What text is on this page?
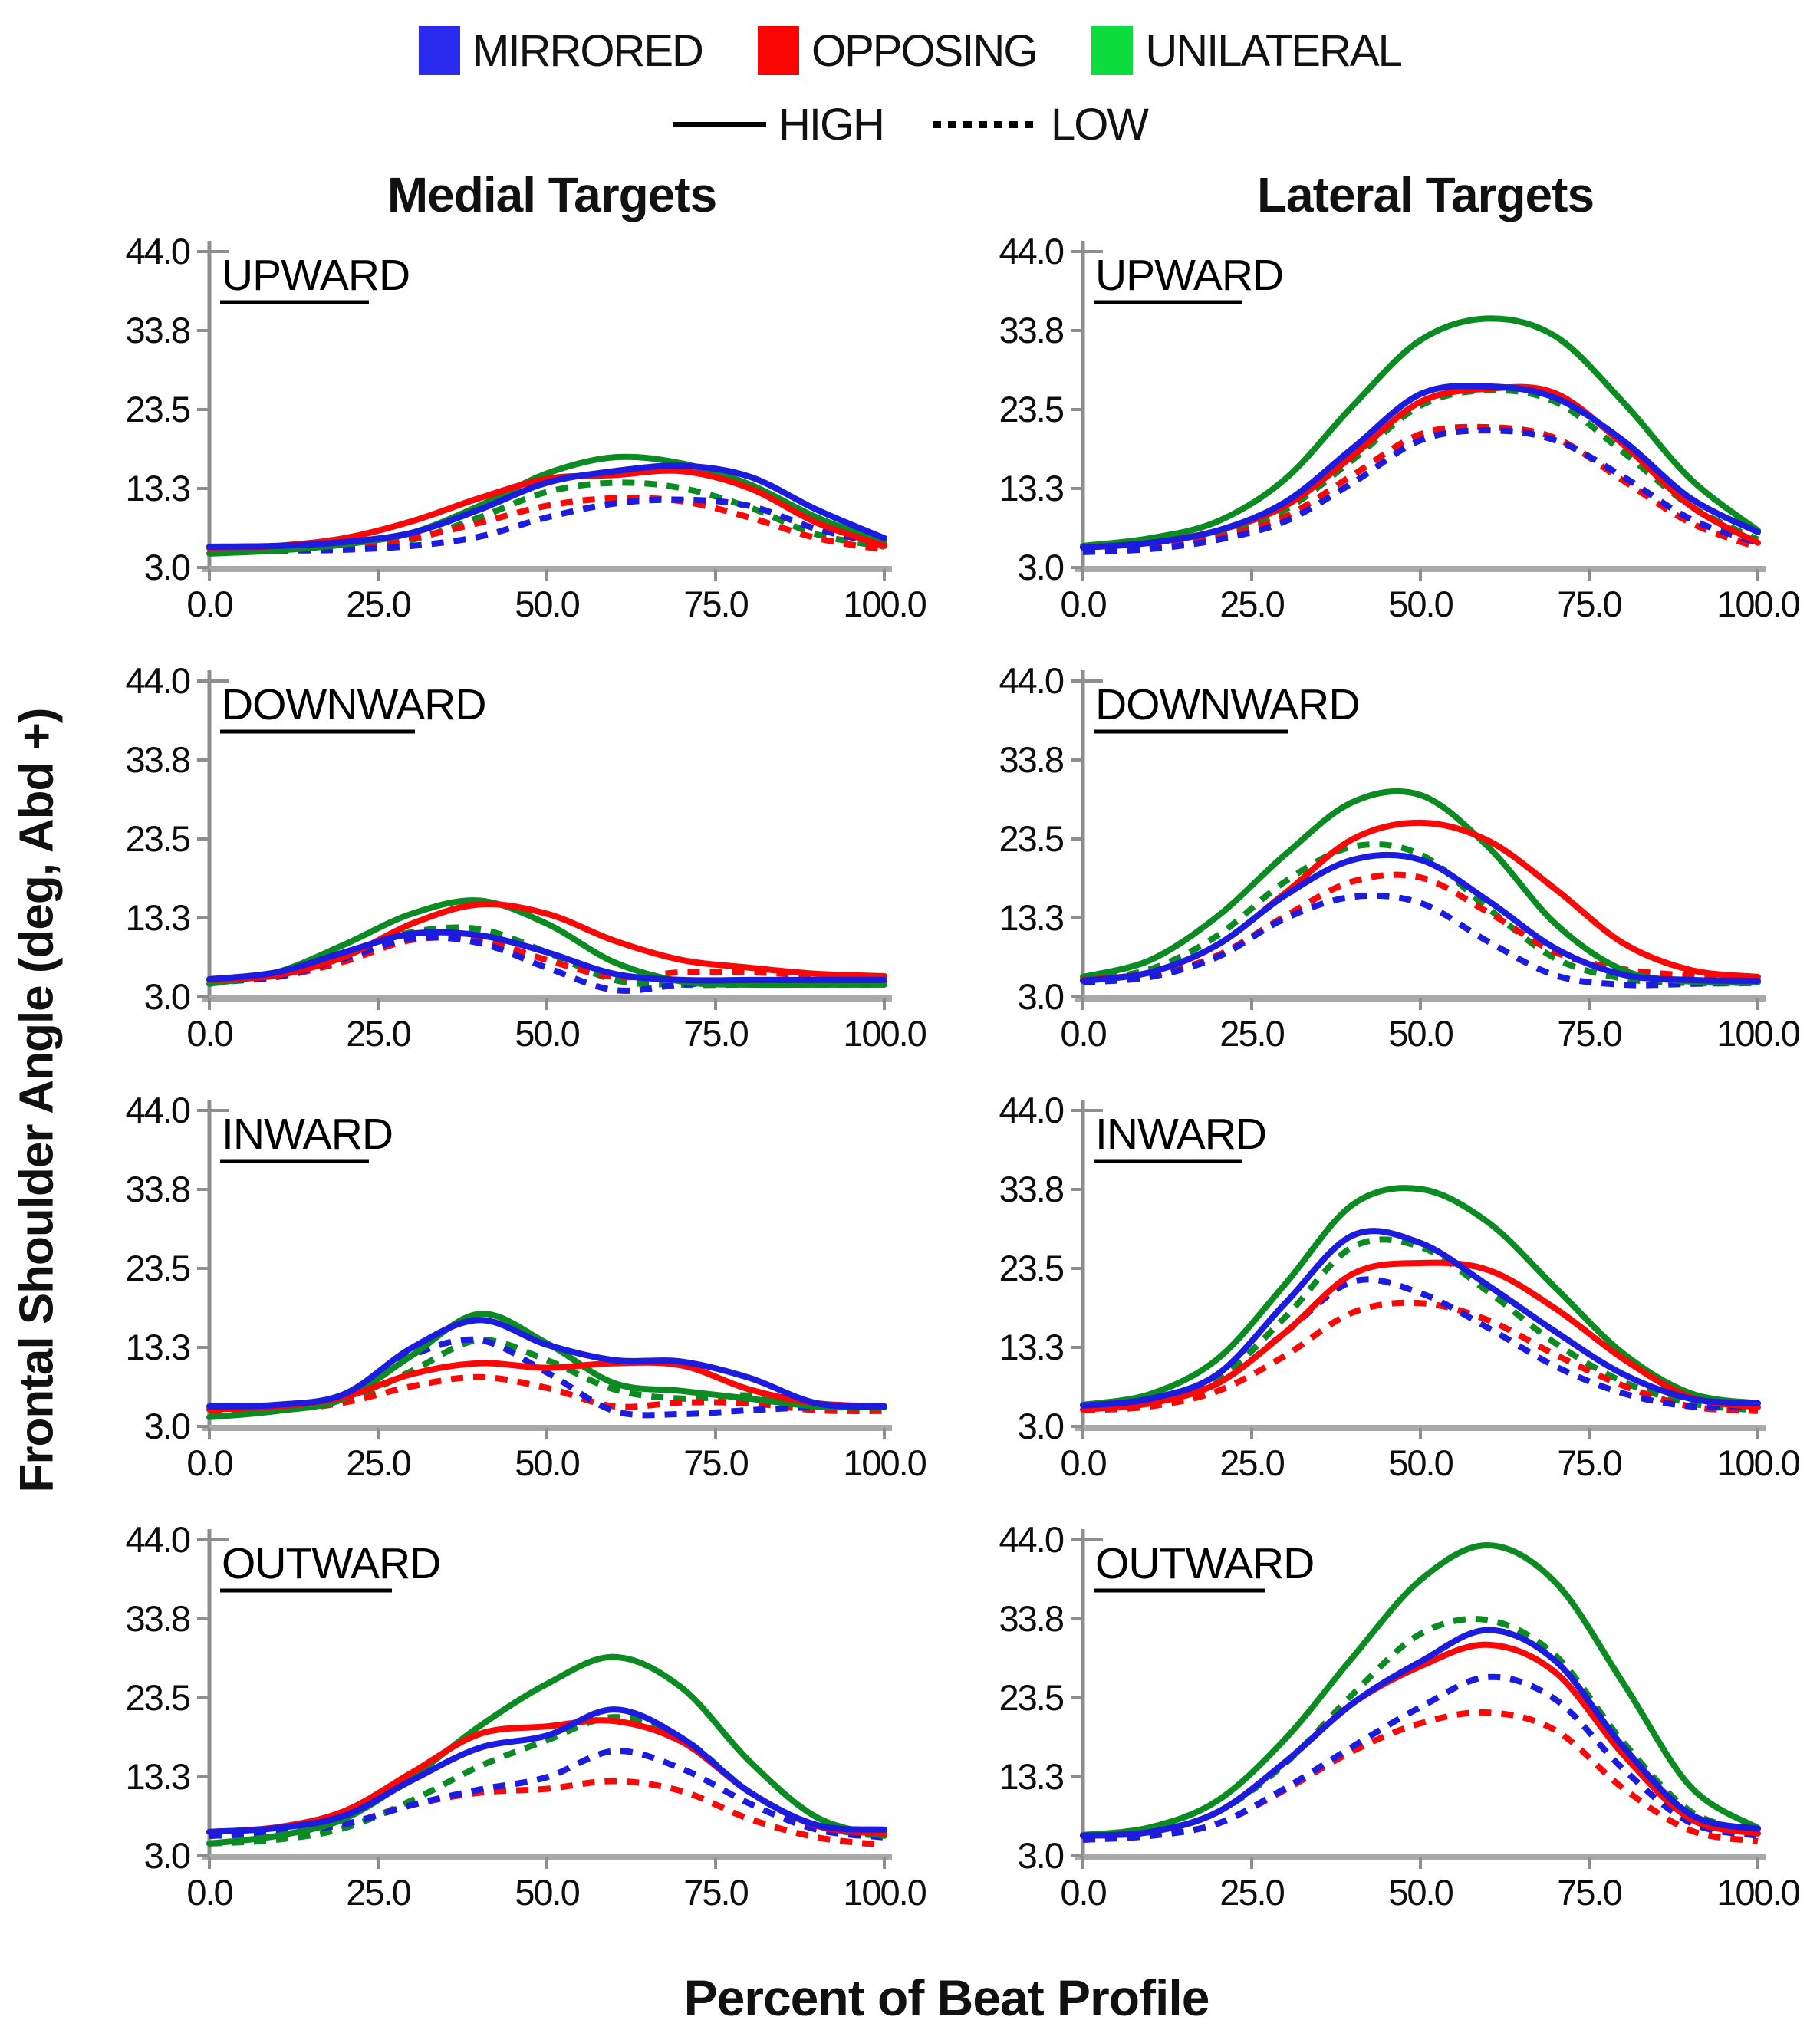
MIRRORED OPPOSING UNILATERAL
HIGH	LOW
Medial Targets	Lateral Targets
Frontal Shoulder Angle (deg, Abd +)
44.0
33.8
23.5
13.3
3.0
0.0	25.0	50.0	75.0	100.0
UPWARD	44.0
33.8
23.5
13.3
3.0
0.0	25.0	50.0	75.0	100.0
UPWARD
44.0
33.8
23.5
13.3
3.0
0.0	25.0	50.0	75.0	100.0
DOWNWARD	44.0
33.8
23.5
13.3
3.0
0.0	25.0	50.0	75.0	100.0
DOWNWARD
44.0
33.8
23.5
13.3
3.0
0.0	25.0	50.0	75.0	100.0
INWARD	44.0
33.8
23.5
13.3
3.0
0.0	25.0	50.0	75.0	100.0
INWARD
44.0
33.8
23.5
13.3
3.0
0.0	25.0	50.0	75.0	100.0
OUTWARD	44.0
33.8
23.5
13.3
3.0
0.0	25.0	50.0	75.0	100.0
OUTWARD
Percent of Beat Profile
